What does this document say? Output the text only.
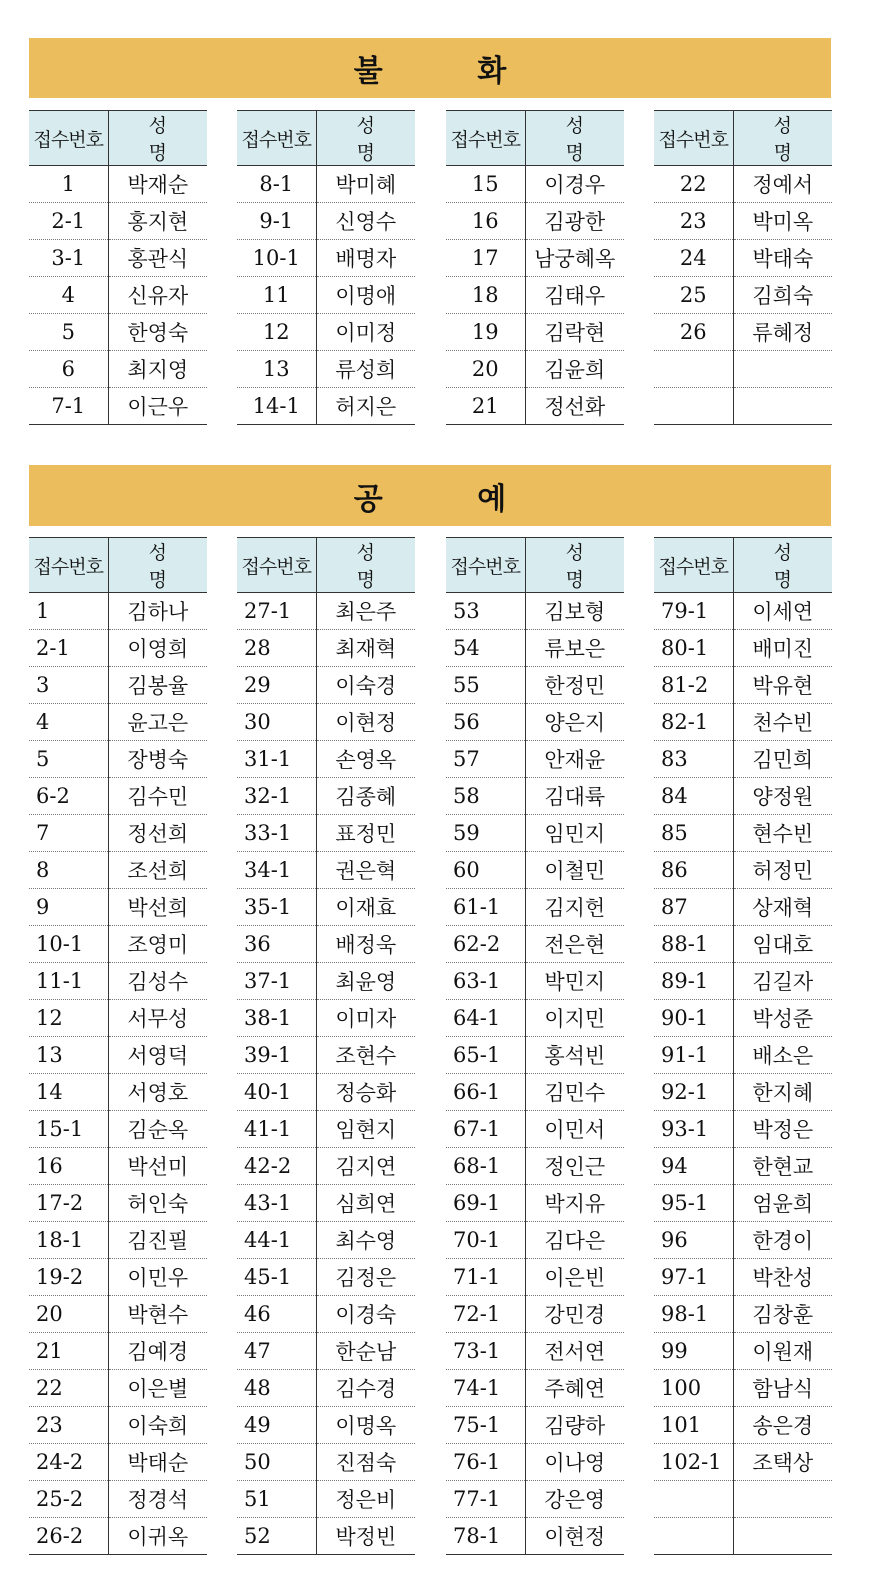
불 화
접수번호	성 명
1	박재순
2-1	홍지현
3-1	홍관식
4	신유자
5	한영숙
6	최지영
7-1	이근우
접수번호	성 명
8-1	박미혜
9-1	신영수
10-1	배명자
11	이명애
12	이미정
13	류성희
14-1	허지은
접수번호	성 명
15	이경우
16	김광한
17	남궁혜옥
18	김태우
19	김락현
20	김윤희
21	정선화
접수번호	성 명
22	정예서
23	박미옥
24	박태숙
25	김희숙
26	류혜정

공 예
접수번호	성 명
1	김하나
2-1	이영희
3	김봉율
4	윤고은
5	장병숙
6-2	김수민
7	정선희
8	조선희
9	박선희
10-1	조영미
11-1	김성수
12	서무성
13	서영덕
14	서영호
15-1	김순옥
16	박선미
17-2	허인숙
18-1	김진필
19-2	이민우
20	박현수
21	김예경
22	이은별
23	이숙희
24-2	박태순
25-2	정경석
26-2	이귀옥
접수번호	성 명
27-1	최은주
28	최재혁
29	이숙경
30	이현정
31-1	손영옥
32-1	김종혜
33-1	표정민
34-1	권은혁
35-1	이재효
36	배정욱
37-1	최윤영
38-1	이미자
39-1	조현수
40-1	정승화
41-1	임현지
42-2	김지연
43-1	심희연
44-1	최수영
45-1	김정은
46	이경숙
47	한순남
48	김수경
49	이명옥
50	진점숙
51	정은비
52	박정빈
접수번호	성 명
53	김보형
54	류보은
55	한정민
56	양은지
57	안재윤
58	김대륙
59	임민지
60	이철민
61-1	김지헌
62-2	전은현
63-1	박민지
64-1	이지민
65-1	홍석빈
66-1	김민수
67-1	이민서
68-1	정인근
69-1	박지유
70-1	김다은
71-1	이은빈
72-1	강민경
73-1	전서연
74-1	주혜연
75-1	김량하
76-1	이나영
77-1	강은영
78-1	이현정
접수번호	성 명
79-1	이세연
80-1	배미진
81-2	박유현
82-1	천수빈
83	김민희
84	양정원
85	현수빈
86	허정민
87	상재혁
88-1	임대호
89-1	김길자
90-1	박성준
91-1	배소은
92-1	한지혜
93-1	박정은
94	한현교
95-1	엄윤희
96	한경이
97-1	박찬성
98-1	김창훈
99	이원재
100	함남식
101	송은경
102-1	조택상
